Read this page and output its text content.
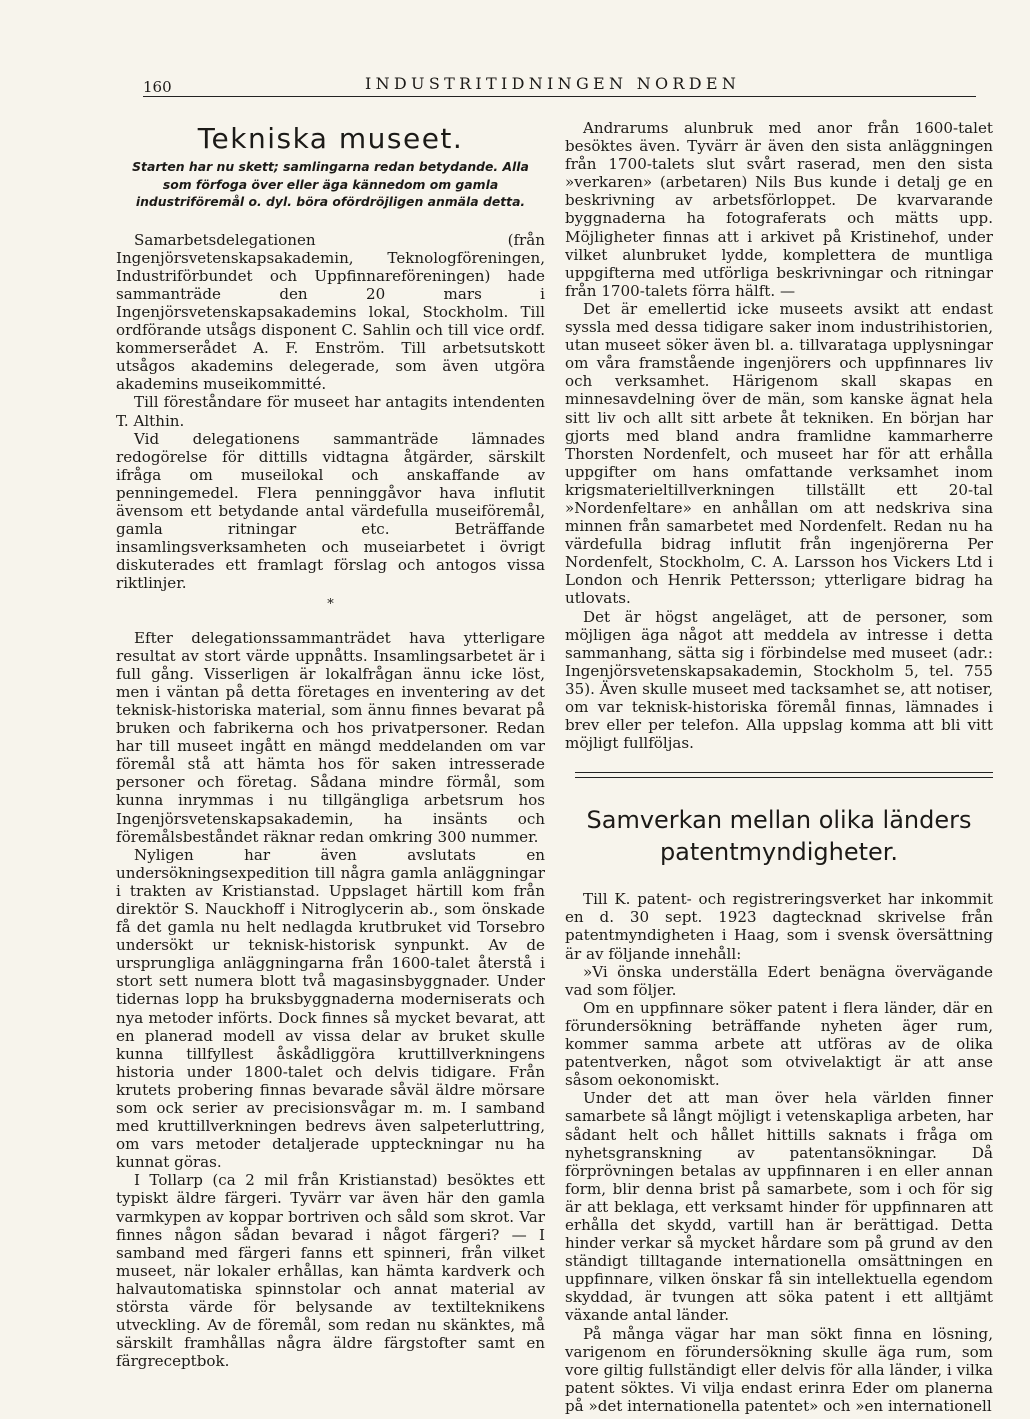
160	INDUSTRITIDNINGEN NORDEN
Tekniska museet.
Starten har nu skett; samlingarna redan betydande. Alla som förfoga över eller äga kännedom om gamla industriföremål o. dyl. böra ofördröjligen anmäla detta.

Samarbetsdelegationen (från Ingenjörsvetenskapsakademin, Teknologföreningen, Industriförbundet och Uppfinnareföreningen) hade sammanträde den 20 mars i Ingenjörsvetenskapsakademins lokal, Stockholm. Till ordförande utsågs disponent C. Sahlin och till vice ordf. kommerserådet A. F. Enström. Till arbetsutskott utsågos akademins delegerade, som även utgöra akademins museikommitté.

Till föreståndare för museet har antagits intendenten T. Althin.

Vid delegationens sammanträde lämnades redogörelse för dittills vidtagna åtgärder, särskilt ifråga om museilokal och anskaffande av penningemedel. Flera penninggåvor hava influtit ävensom ett betydande antal värdefulla museiföremål, gamla ritningar etc. Beträffande insamlingsverksamheten och museiarbetet i övrigt diskuterades ett framlagt förslag och antogos vissa riktlinjer.

*

Efter delegationssammanträdet hava ytterligare resultat av stort värde uppnåtts. Insamlingsarbetet är i full gång. Visserligen är lokalfrågan ännu icke löst, men i väntan på detta företages en inventering av det teknisk-historiska material, som ännu finnes bevarat på bruken och fabrikerna och hos privatpersoner. Redan har till museet ingått en mängd meddelanden om var föremål stå att hämta hos för saken intresserade personer och företag. Sådana mindre förmål, som kunna inrymmas i nu tillgängliga arbetsrum hos Ingenjörsvetenskapsakademin, ha insänts och föremålsbeståndet räknar redan omkring 300 nummer.

Nyligen har även avslutats en undersökningsexpedition till några gamla anläggningar i trakten av Kristianstad. Uppslaget härtill kom från direktör S. Nauckhoff i Nitroglycerin ab., som önskade få det gamla nu helt nedlagda krutbruket vid Torsebro undersökt ur teknisk-historisk synpunkt. Av de ursprungliga anläggningarna från 1600-talet återstå i stort sett numera blott två magasinsbyggnader. Under tidernas lopp ha bruksbyggnaderna moderniserats och nya metoder införts. Dock finnes så mycket bevarat, att en planerad modell av vissa delar av bruket skulle kunna tillfyllest åskådliggöra kruttillverkningens historia under 1800-talet och delvis tidigare. Från krutets probering finnas bevarade såväl äldre mörsare som ock serier av precisionsvågar m. m. I samband med kruttillverkningen bedrevs även salpeterluttring, om vars metoder detaljerade uppteckningar nu ha kunnat göras.

I Tollarp (ca 2 mil från Kristianstad) besöktes ett typiskt äldre färgeri. Tyvärr var även här den gamla varmkypen av koppar bortriven och såld som skrot. Var finnes någon sådan bevarad i något färgeri? — I samband med färgeri fanns ett spinneri, från vilket museet, när lokaler erhållas, kan hämta kardverk och halvautomatiska spinnstolar och annat material av största värde för belysande av textilteknikens utveckling. Av de föremål, som redan nu skänktes, må särskilt framhållas några äldre färgstofter samt en färgreceptbok.

Andrarums alunbruk med anor från 1600-talet besöktes även. Tyvärr är även den sista anläggningen från 1700-talets slut svårt raserad, men den sista »verkaren» (arbetaren) Nils Bus kunde i detalj ge en beskrivning av arbetsförloppet. De kvarvarande byggnaderna ha fotograferats och mätts upp. Möjligheter finnas att i arkivet på Kristinehof, under vilket alunbruket lydde, komplettera de muntliga uppgifterna med utförliga beskrivningar och ritningar från 1700-talets förra hälft. —

Det är emellertid icke museets avsikt att endast syssla med dessa tidigare saker inom industrihistorien, utan museet söker även bl. a. tillvarataga upplysningar om våra framstående ingenjörers och uppfinnares liv och verksamhet. Härigenom skall skapas en minnesavdelning över de män, som kanske ägnat hela sitt liv och allt sitt arbete åt tekniken. En början har gjorts med bland andra framlidne kammarherre Thorsten Nordenfelt, och museet har för att erhålla uppgifter om hans omfattande verksamhet inom krigsmaterieltillverkningen tillställt ett 20-tal »Nordenfeltare» en anhållan om att nedskriva sina minnen från samarbetet med Nordenfelt. Redan nu ha värdefulla bidrag influtit från ingenjörerna Per Nordenfelt, Stockholm, C. A. Larsson hos Vickers Ltd i London och Henrik Pettersson; ytterligare bidrag ha utlovats.

Det är högst angeläget, att de personer, som möjligen äga något att meddela av intresse i detta sammanhang, sätta sig i förbindelse med museet (adr.: Ingenjörsvetenskapsakademin, Stockholm 5, tel. 755 35). Även skulle museet med tacksamhet se, att notiser, om var teknisk-historiska föremål finnas, lämnades i brev eller per telefon. Alla uppslag komma att bli vitt möjligt fullföljas.

Samverkan mellan olika länders patentmyndigheter.

Till K. patent- och registreringsverket har inkommit en d. 30 sept. 1923 dagtecknad skrivelse från patentmyndigheten i Haag, som i svensk översättning är av följande innehåll:

»Vi önska underställa Edert benägna övervägande vad som följer.

Om en uppfinnare söker patent i flera länder, där en förundersökning beträffande nyheten äger rum, kommer samma arbete att utföras av de olika patentverken, något som otvivelaktigt är att anse såsom oekonomiskt.

Under det att man över hela världen finner samarbete så långt möjligt i vetenskapliga arbeten, har sådant helt och hållet hittills saknats i fråga om nyhetsgranskning av patentansökningar. Då förprövningen betalas av uppfinnaren i en eller annan form, blir denna brist på samarbete, som i och för sig är att beklaga, ett verksamt hinder för uppfinnaren att erhålla det skydd, vartill han är berättigad. Detta hinder verkar så mycket hårdare som på grund av den ständigt tilltagande internationella omsättningen en uppfinnare, vilken önskar få sin intellektuella egendom skyddad, är tvungen att söka patent i ett alltjämt växande antal länder.

På många vägar har man sökt finna en lösning, varigenom en förundersökning skulle äga rum, som vore giltig fullständigt eller delvis för alla länder, i vilka patent söktes. Vi vilja endast erinra Eder om planerna på »det internationella patentet» och »en internationell
